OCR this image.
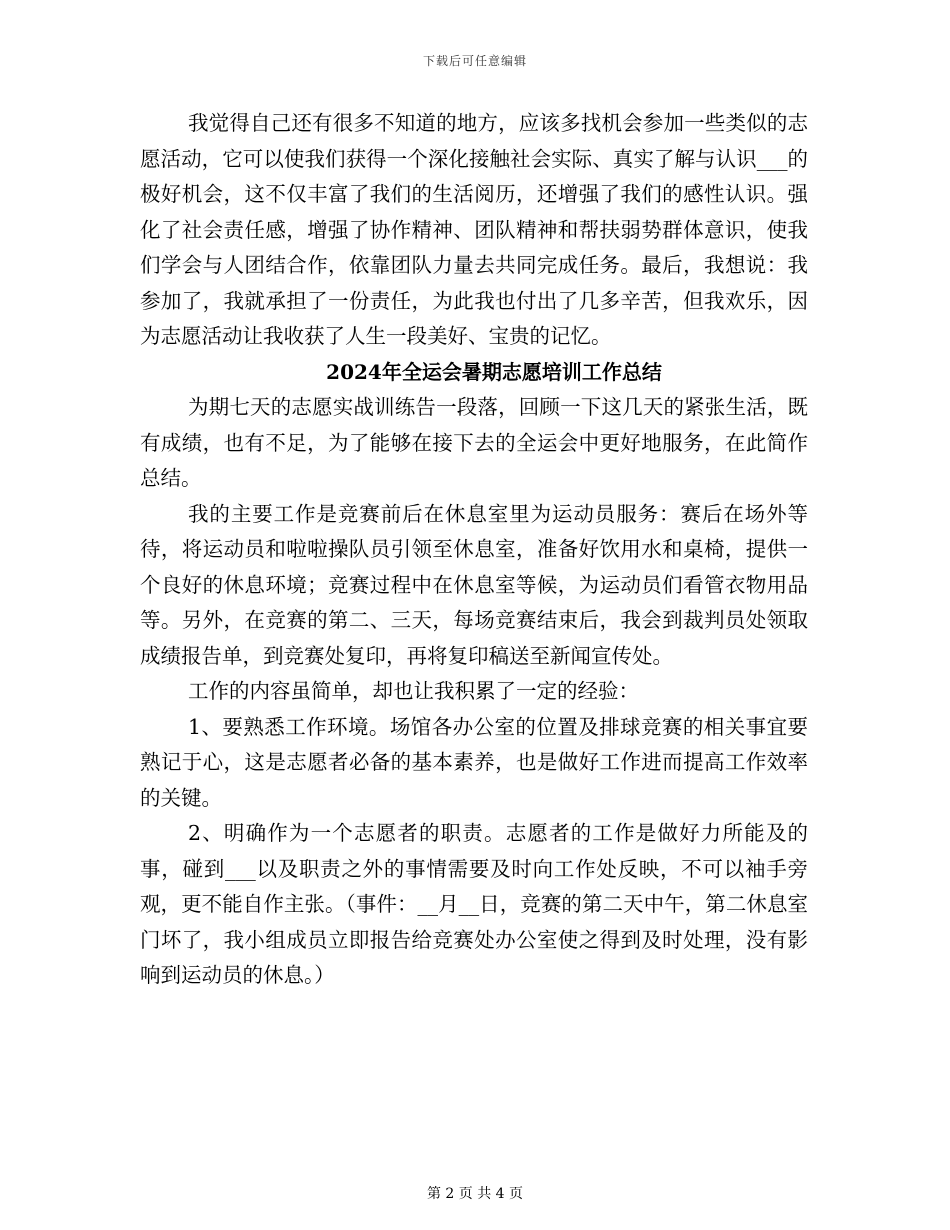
下载后可任意编辑

我觉得自己还有很多不知道的地方，应该多找机会参加一些类似的志愿活动，它可以使我们获得一个深化接触社会实际、真实了解与认识___的极好机会，这不仅丰富了我们的生活阅历，还增强了我们的感性认识。强化了社会责任感，增强了协作精神、团队精神和帮扶弱势群体意识，使我们学会与人团结合作，依靠团队力量去共同完成任务。最后，我想说：我参加了，我就承担了一份责任，为此我也付出了几多辛苦，但我欢乐，因为志愿活动让我收获了人生一段美好、宝贵的记忆。

2024年全运会暑期志愿培训工作总结

为期七天的志愿实战训练告一段落，回顾一下这几天的紧张生活，既有成绩，也有不足，为了能够在接下去的全运会中更好地服务，在此简作总结。

我的主要工作是竞赛前后在休息室里为运动员服务：赛后在场外等待，将运动员和啦啦操队员引领至休息室，准备好饮用水和桌椅，提供一个良好的休息环境；竞赛过程中在休息室等候，为运动员们看管衣物用品等。另外，在竞赛的第二、三天，每场竞赛结束后，我会到裁判员处领取成绩报告单，到竞赛处复印，再将复印稿送至新闻宣传处。

工作的内容虽简单，却也让我积累了一定的经验：

1、要熟悉工作环境。场馆各办公室的位置及排球竞赛的相关事宜要熟记于心，这是志愿者必备的基本素养，也是做好工作进而提高工作效率的关键。

2、明确作为一个志愿者的职责。志愿者的工作是做好力所能及的事，碰到___以及职责之外的事情需要及时向工作处反映，不可以袖手旁观，更不能自作主张。（事件：__月__日，竞赛的第二天中午，第二休息室门坏了，我小组成员立即报告给竞赛处办公室使之得到及时处理，没有影响到运动员的休息。）

第 2 页 共 4 页
